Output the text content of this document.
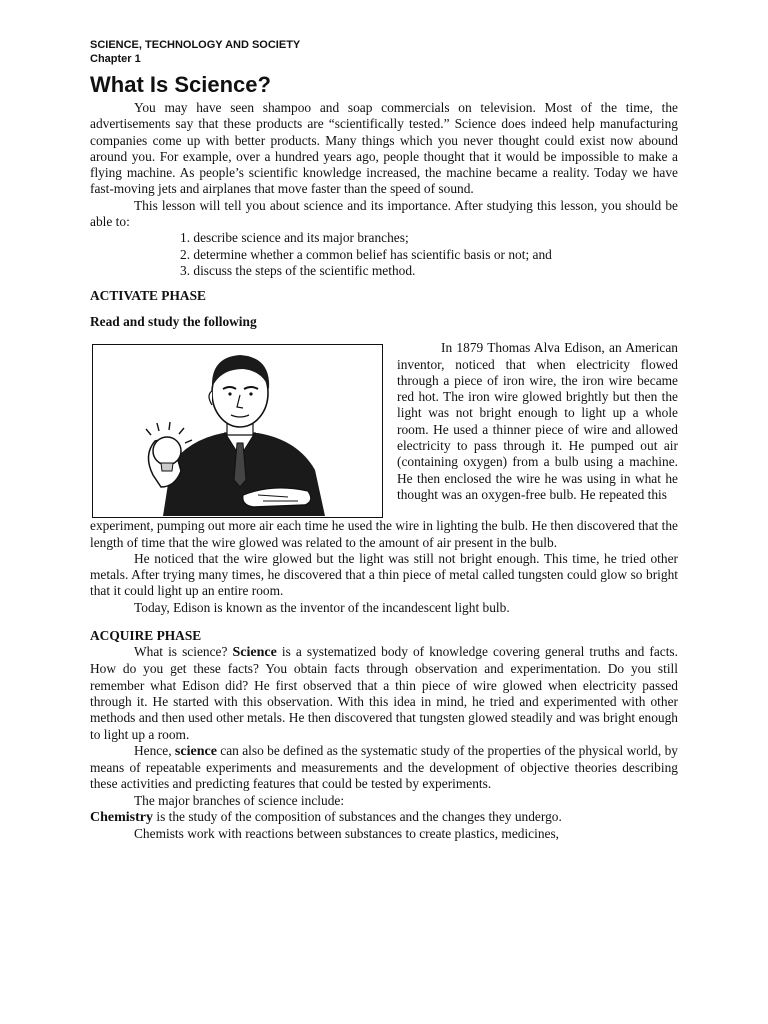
SCIENCE, TECHNOLOGY AND SOCIETY
Chapter 1
What Is Science?

You may have seen shampoo and soap commercials on television. Most of the time, the advertisements say that these products are “scientifically tested.” Science does indeed help manufacturing companies come up with better products. Many things which you never thought could exist now abound around you. For example, over a hundred years ago, people thought that it would be impossible to make a flying machine. As people’s scientific knowledge increased, the machine became a reality. Today we have fast-moving jets and airplanes that move faster than the speed of sound.

This lesson will tell you about science and its importance. After studying this lesson, you should be able to:

1. describe science and its major branches;
2. determine whether a common belief has scientific basis or not; and
3. discuss the steps of the scientific method.
ACTIVATE PHASE
Read and study the following

In 1879 Thomas Alva Edison, an American inventor, noticed that when electricity flowed through a piece of iron wire, the iron wire became red hot. The iron wire glowed brightly but then the light was not bright enough to light up a whole room. He used a thinner piece of wire and allowed electricity to pass through it. He pumped out air (containing oxygen) from a bulb using a machine. He then enclosed the wire he was using in what he thought was an oxygen-free bulb. He repeated this

experiment, pumping out more air each time he used the wire in lighting the bulb. He then discovered that the length of time that the wire glowed was related to the amount of air present in the bulb.

He noticed that the wire glowed but the light was still not bright enough. This time, he tried other metals. After trying many times, he discovered that a thin piece of metal called tungsten could glow so bright that it could light up an entire room.

Today, Edison is known as the inventor of the incandescent light bulb.

ACQUIRE PHASE

What is science? Science is a systematized body of knowledge covering general truths and facts. How do you get these facts? You obtain facts through observation and experimentation. Do you still remember what Edison did? He first observed that a thin piece of wire glowed when electricity passed through it. He started with this observation. With this idea in mind, he tried and experimented with other methods and then used other metals. He then discovered that tungsten glowed steadily and was bright enough to light up a room.

Hence, science can also be defined as the systematic study of the properties of the physical world, by means of repeatable experiments and measurements and the development of objective theories describing these activities and predicting features that could be tested by experiments.

The major branches of science include:

Chemistry is the study of the composition of substances and the changes they undergo.

Chemists work with reactions between substances to create plastics, medicines,
